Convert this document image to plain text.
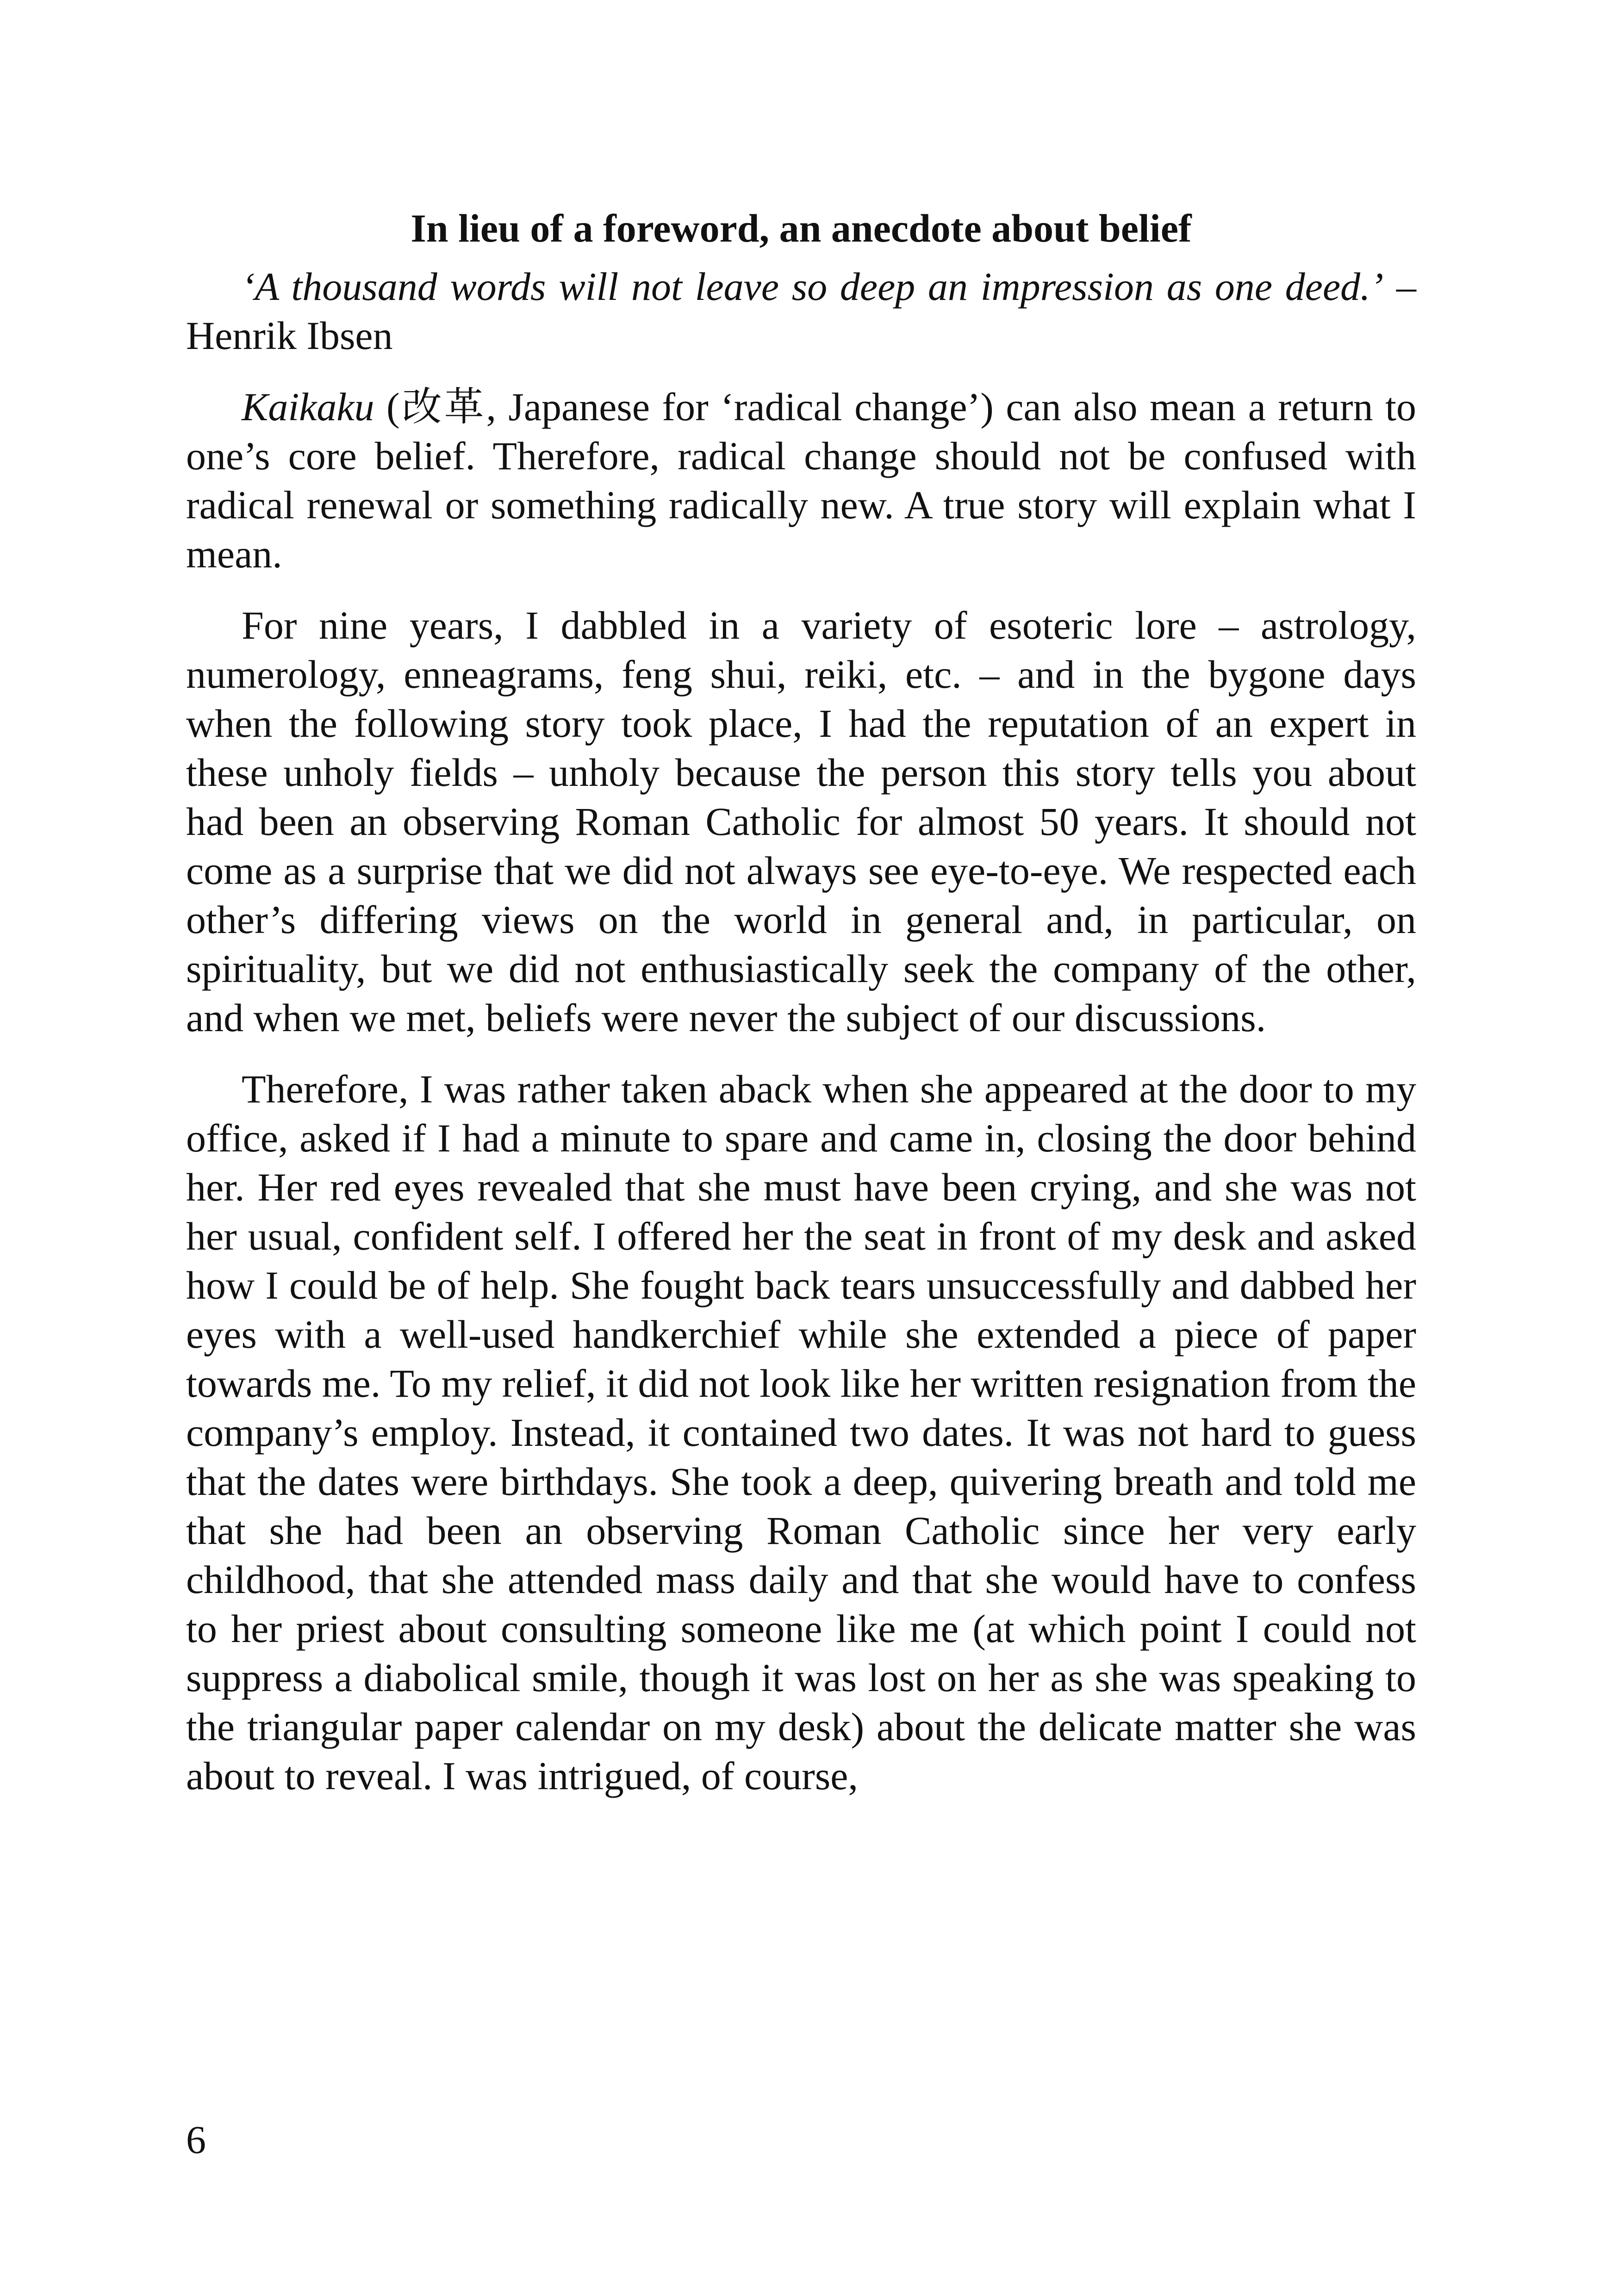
In lieu of a foreword, an anecdote about belief

‘A thousand words will not leave so deep an impression as one deed.’ – Henrik Ibsen

Kaikaku (改革, Japanese for ‘radical change’) can also mean a return to one’s core belief. Therefore, radical change should not be confused with radical renewal or something radically new. A true story will explain what I mean.

For nine years, I dabbled in a variety of esoteric lore – astrology, numerology, enneagrams, feng shui, reiki, etc. – and in the bygone days when the following story took place, I had the reputation of an expert in these unholy fields – unholy because the person this story tells you about had been an observing Roman Catholic for almost 50 years. It should not come as a surprise that we did not always see eye-to-eye. We respected each other’s differing views on the world in general and, in particular, on spirituality, but we did not enthusiastically seek the company of the other, and when we met, beliefs were never the subject of our discussions.

Therefore, I was rather taken aback when she appeared at the door to my office, asked if I had a minute to spare and came in, closing the door behind her. Her red eyes revealed that she must have been crying, and she was not her usual, confident self. I offered her the seat in front of my desk and asked how I could be of help. She fought back tears unsuccessfully and dabbed her eyes with a well-used handkerchief while she extended a piece of paper towards me. To my relief, it did not look like her written resignation from the company’s employ. Instead, it contained two dates. It was not hard to guess that the dates were birthdays. She took a deep, quivering breath and told me that she had been an observing Roman Catholic since her very early childhood, that she attended mass daily and that she would have to confess to her priest about consulting someone like me (at which point I could not suppress a diabolical smile, though it was lost on her as she was speaking to the triangular paper calendar on my desk) about the delicate matter she was about to reveal. I was intrigued, of course,

6
